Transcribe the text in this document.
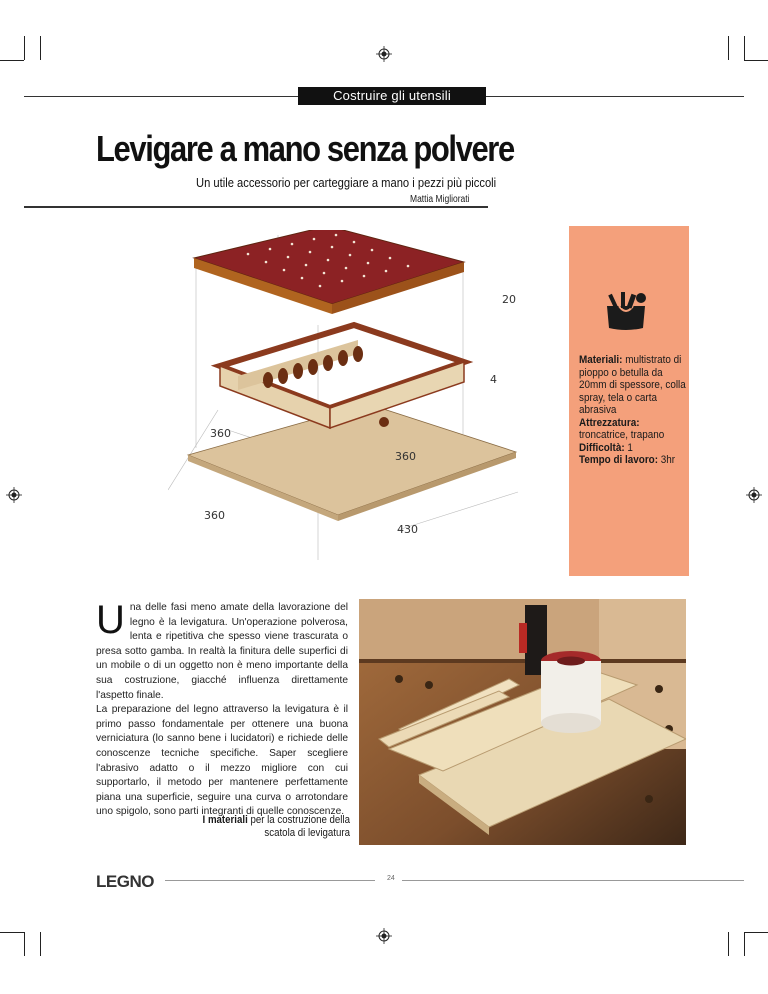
Costruire gli utensili
Levigare a mano senza polvere
Un utile accessorio per carteggiare a mano i pezzi più piccoli
Mattia Migliorati
20
4
360
360
360
430
Materiali: multistrato di pioppo o betulla da 20mm di spessore, colla spray, tela o carta abrasiva
Attrezzatura: troncatrice, trapano
Difficoltà: 1
Tempo di lavoro: 3hr
Una delle fasi meno amate della lavorazione del legno è la levigatura. Un'operazione polverosa, lenta e ripetitiva che spesso viene trascurata o presa sotto gamba. In realtà la finitura delle superfici di un mobile o di un oggetto non è meno importante della sua costruzione, giacché influenza direttamente l'aspetto finale.
La preparazione del legno attraverso la levigatura è il primo passo fondamentale per ottenere una buona verniciatura (lo sanno bene i lucidatori) e richiede delle conoscenze tecniche specifiche. Saper scegliere l'abrasivo adatto o il mezzo migliore con cui supportarlo, il metodo per mantenere perfettamente piana una superficie, seguire una curva o arrotondare uno spigolo, sono parti integranti di quelle conoscenze.
I materiali per la costruzione della scatola di levigatura
LEGNO	24
